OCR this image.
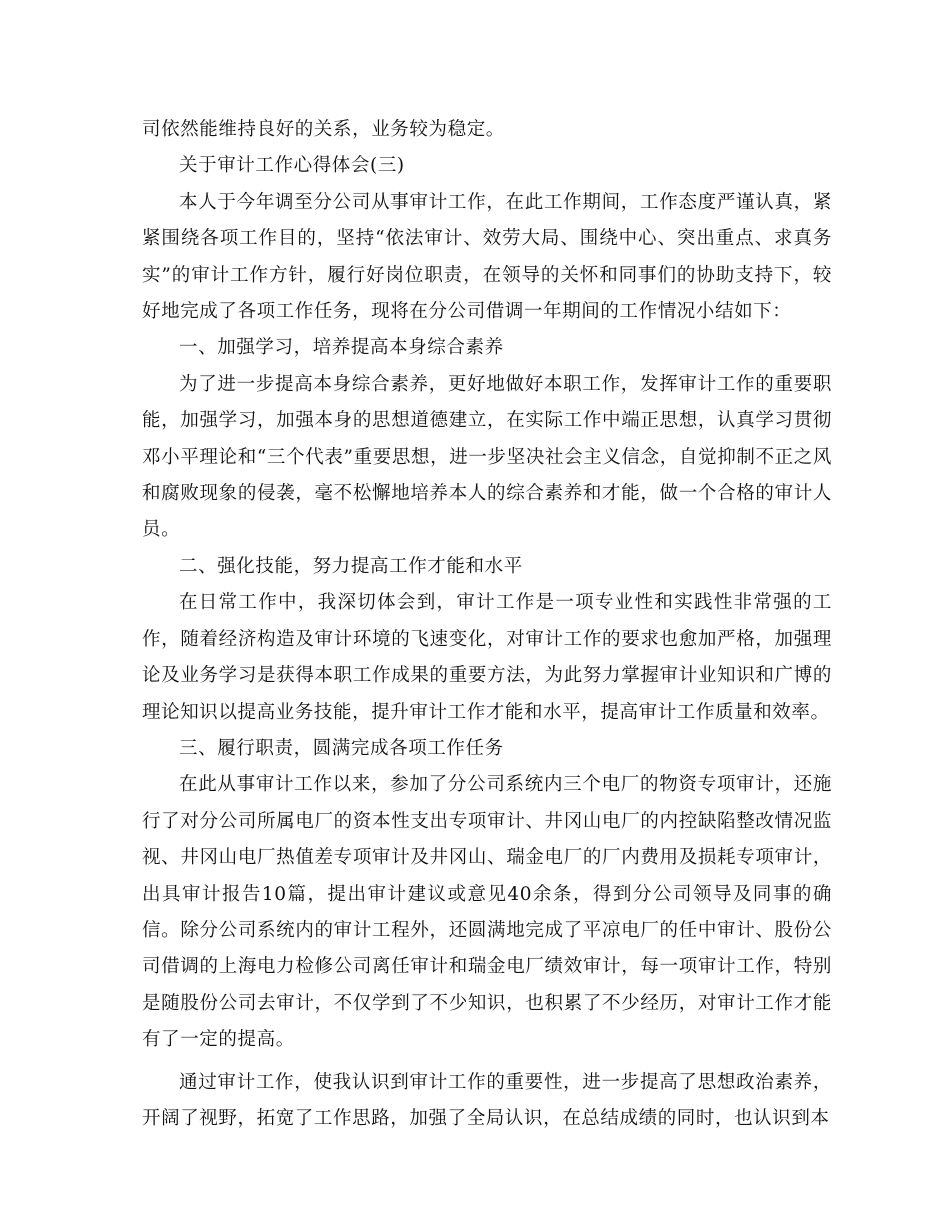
司依然能维持良好的关系，业务较为稳定。

关于审计工作心得体会(三)

本人于今年调至分公司从事审计工作，在此工作期间，工作态度严谨认真，紧紧围绕各项工作目的，坚持“依法审计、效劳大局、围绕中心、突出重点、求真务实”的审计工作方针，履行好岗位职责，在领导的关怀和同事们的协助支持下，较好地完成了各项工作任务，现将在分公司借调一年期间的工作情况小结如下：

一、加强学习，培养提高本身综合素养

为了进一步提高本身综合素养，更好地做好本职工作，发挥审计工作的重要职能，加强学习，加强本身的思想道德建立，在实际工作中端正思想，认真学习贯彻邓小平理论和“三个代表”重要思想，进一步坚决社会主义信念，自觉抑制不正之风和腐败现象的侵袭，毫不松懈地培养本人的综合素养和才能，做一个合格的审计人员。

二、强化技能，努力提高工作才能和水平

在日常工作中，我深切体会到，审计工作是一项专业性和实践性非常强的工作，随着经济构造及审计环境的飞速变化，对审计工作的要求也愈加严格，加强理论及业务学习是获得本职工作成果的重要方法，为此努力掌握审计业知识和广博的理论知识以提高业务技能，提升审计工作才能和水平，提高审计工作质量和效率。

三、履行职责，圆满完成各项工作任务

在此从事审计工作以来，参加了分公司系统内三个电厂的物资专项审计，还施行了对分公司所属电厂的资本性支出专项审计、井冈山电厂的内控缺陷整改情况监视、井冈山电厂热值差专项审计及井冈山、瑞金电厂的厂内费用及损耗专项审计，出具审计报告10篇，提出审计建议或意见40余条，得到分公司领导及同事的确信。除分公司系统内的审计工程外，还圆满地完成了平凉电厂的任中审计、股份公司借调的上海电力检修公司离任审计和瑞金电厂绩效审计，每一项审计工作，特别是随股份公司去审计，不仅学到了不少知识，也积累了不少经历，对审计工作才能有了一定的提高。

通过审计工作，使我认识到审计工作的重要性，进一步提高了思想政治素养，开阔了视野，拓宽了工作思路，加强了全局认识，在总结成绩的同时，也认识到本
